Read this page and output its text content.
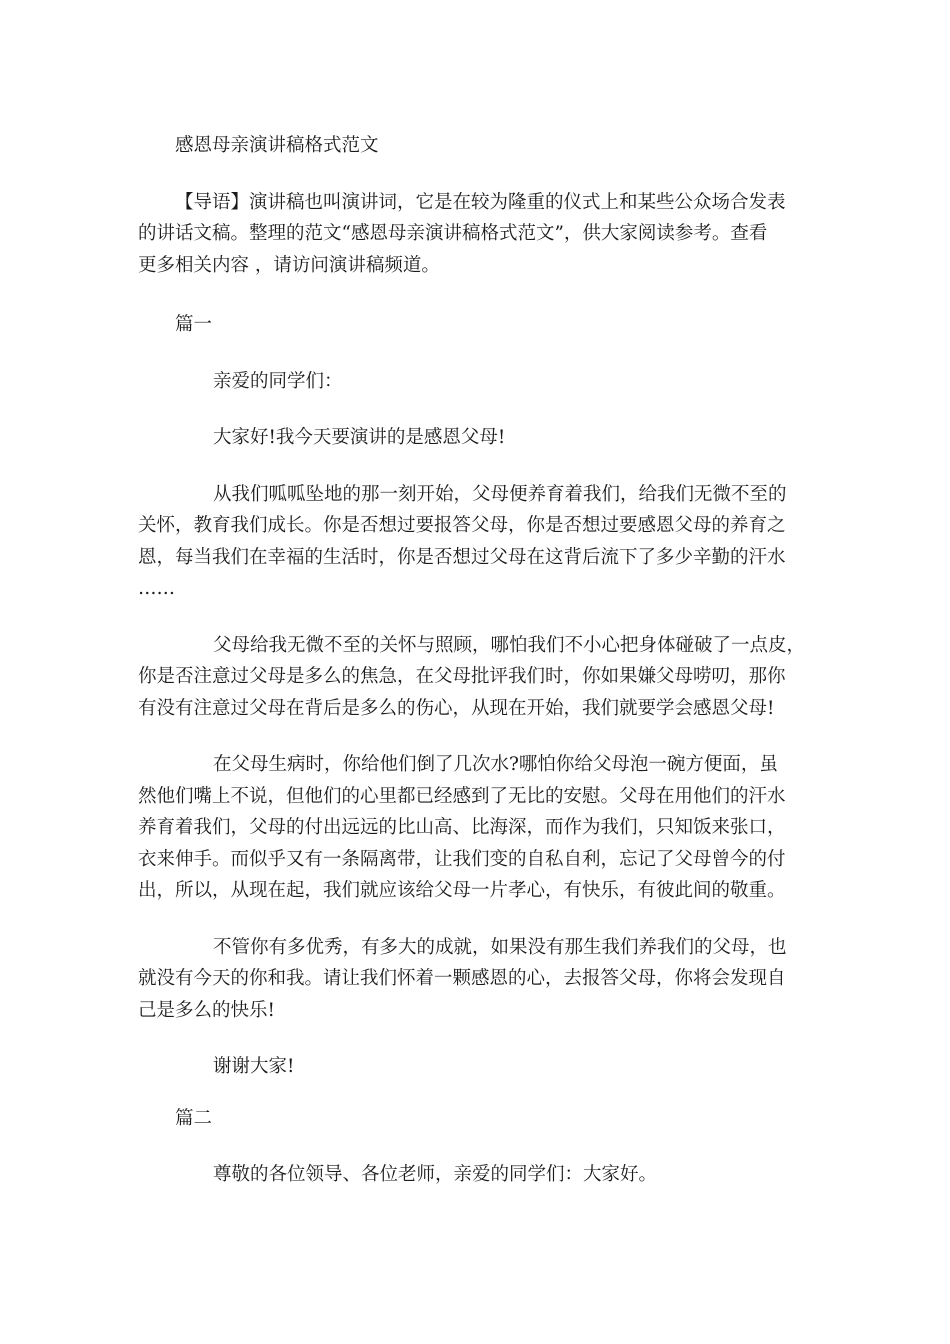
感恩母亲演讲稿格式范文

【导语】演讲稿也叫演讲词，它是在较为隆重的仪式上和某些公众场合发表
的讲话文稿。整理的范文“感恩母亲演讲稿格式范文”，供大家阅读参考。查看
更多相关内容 ，请访问演讲稿频道。

篇一

亲爱的同学们：

大家好!我今天要演讲的是感恩父母!

从我们呱呱坠地的那一刻开始，父母便养育着我们，给我们无微不至的
关怀，教育我们成长。你是否想过要报答父母，你是否想过要感恩父母的养育之
恩，每当我们在幸福的生活时，你是否想过父母在这背后流下了多少辛勤的汗水
……

父母给我无微不至的关怀与照顾，哪怕我们不小心把身体碰破了一点皮，
你是否注意过父母是多么的焦急，在父母批评我们时，你如果嫌父母唠叨，那你
有没有注意过父母在背后是多么的伤心，从现在开始，我们就要学会感恩父母!

在父母生病时，你给他们倒了几次水?哪怕你给父母泡一碗方便面，虽
然他们嘴上不说，但他们的心里都已经感到了无比的安慰。父母在用他们的汗水
养育着我们，父母的付出远远的比山高、比海深，而作为我们，只知饭来张口，
衣来伸手。而似乎又有一条隔离带，让我们变的自私自利，忘记了父母曾今的付
出，所以，从现在起，我们就应该给父母一片孝心，有快乐，有彼此间的敬重。

不管你有多优秀，有多大的成就，如果没有那生我们养我们的父母，也
就没有今天的你和我。请让我们怀着一颗感恩的心，去报答父母，你将会发现自
己是多么的快乐!

谢谢大家!

篇二

尊敬的各位领导、各位老师，亲爱的同学们：大家好。
